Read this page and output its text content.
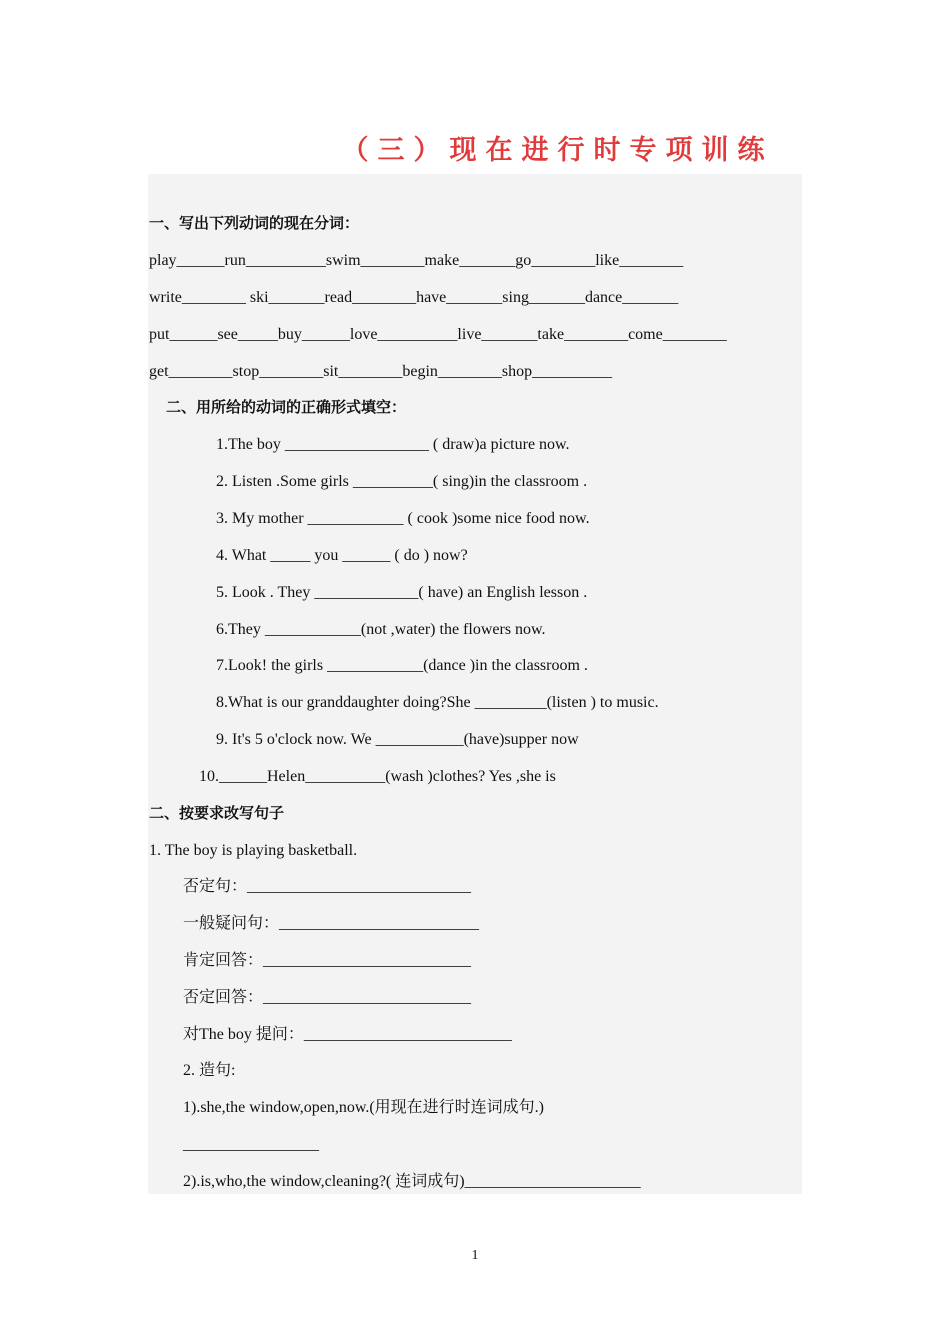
（三）现在进行时专项训练
一、写出下列动词的现在分词：
play______run__________swim________make_______go________like________
write________ ski_______read________have_______sing_______dance_______
put______see_____buy______love__________live_______take________come________
get________stop________sit________begin________shop__________
二、用所给的动词的正确形式填空：
1.The boy __________________ ( draw)a picture now.
2. Listen .Some girls __________( sing)in the classroom .
3. My mother ____________ ( cook )some nice food now.
4. What _____ you ______ ( do ) now?
5. Look . They _____________( have) an English lesson .
6.They ____________(not ,water) the flowers now.
7.Look! the girls ____________(dance )in the classroom .
8.What is our granddaughter doing?She _________(listen ) to music.
9. It's 5 o'clock now. We ___________(have)supper now
10.______Helen__________(wash )clothes? Yes ,she is
二、按要求改写句子
1. The boy is playing basketball.
否定句：____________________________
一般疑问句：_________________________
肯定回答：__________________________
否定回答：__________________________
对The boy 提问：__________________________
2. 造句:
1).she,the window,open,now.(用现在进行时连词成句.)
_________________
2).is,who,the window,cleaning?( 连词成句)______________________
1
